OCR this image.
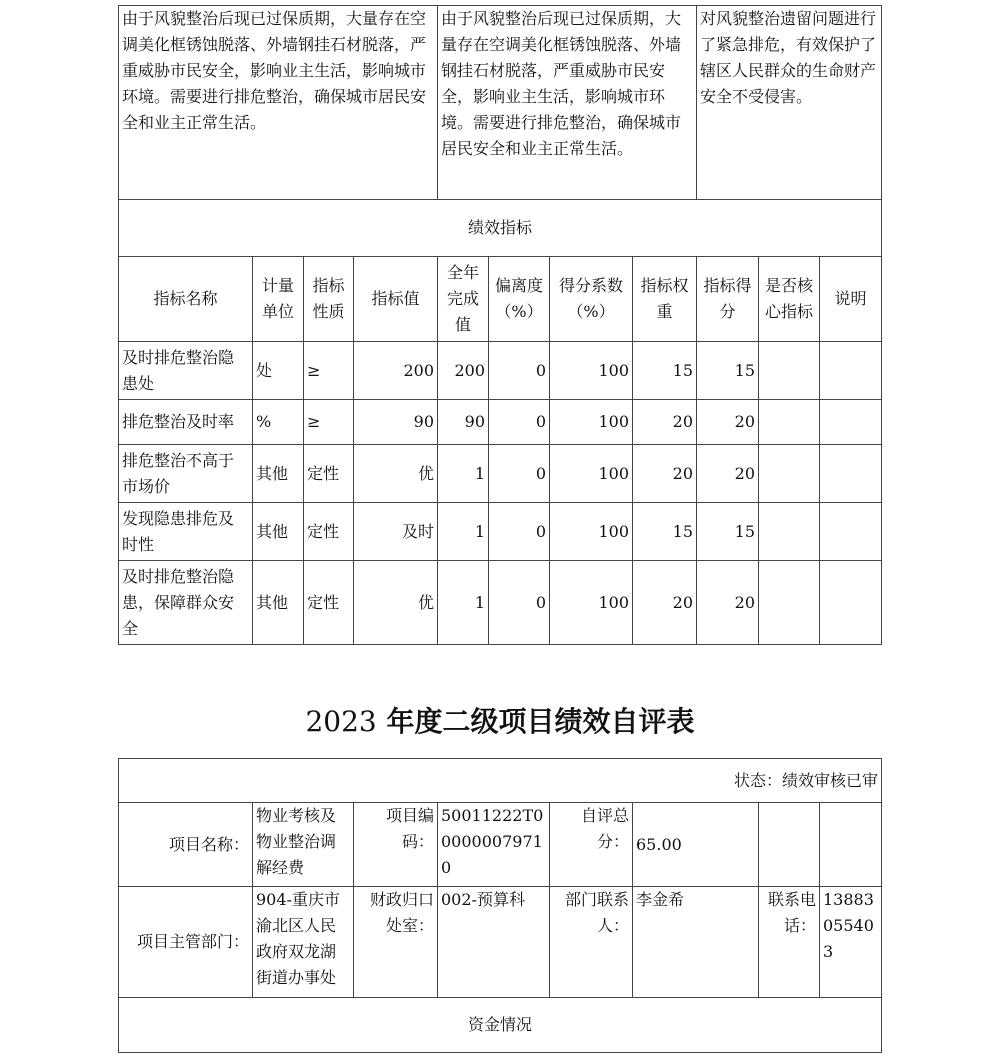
由于风貌整治后现已过保质期，大量存在空调美化框锈蚀脱落、外墙钢挂石材脱落，严重威胁市民安全，影响业主生活，影响城市环境。需要进行排危整治，确保城市居民安全和业主正常生活。				由于风貌整治后现已过保质期，大量存在空调美化框锈蚀脱落、外墙钢挂石材脱落，严重威胁市民安全，影响业主生活，影响城市环境。需要进行排危整治，确保城市居民安全和业主正常生活。				对风貌整治遗留问题进行了紧急排危，有效保护了辖区人民群众的生命财产安全不受侵害。		
绩效指标										
指标名称	计量单位	指标性质	指标值	全年完成值	偏离度（%）	得分系数（%）	指标权重	指标得分	是否核心指标	说明
及时排危整治隐患处	处	≥	200	200	0	100	15	15		
排危整治及时率	%	≥	90	90	0	100	20	20		
排危整治不高于市场价	其他	定性	优	1	0	100	20	20		
发现隐患排危及时性	其他	定性	及时	1	0	100	15	15		
及时排危整治隐患，保障群众安全	其他	定性	优	1	0	100	20	20		
2023 年度二级项目绩效自评表
状态：绩效审核已审							
项目名称：	物业考核及物业整治调解经费	项目编码：	50011222T000000079710	自评总分：	65.00		
项目主管部门：	904-重庆市渝北区人民政府双龙湖街道办事处	财政归口处室：	002-预算科	部门联系人：	李金希	联系电话：	13883055403
资金情况							
